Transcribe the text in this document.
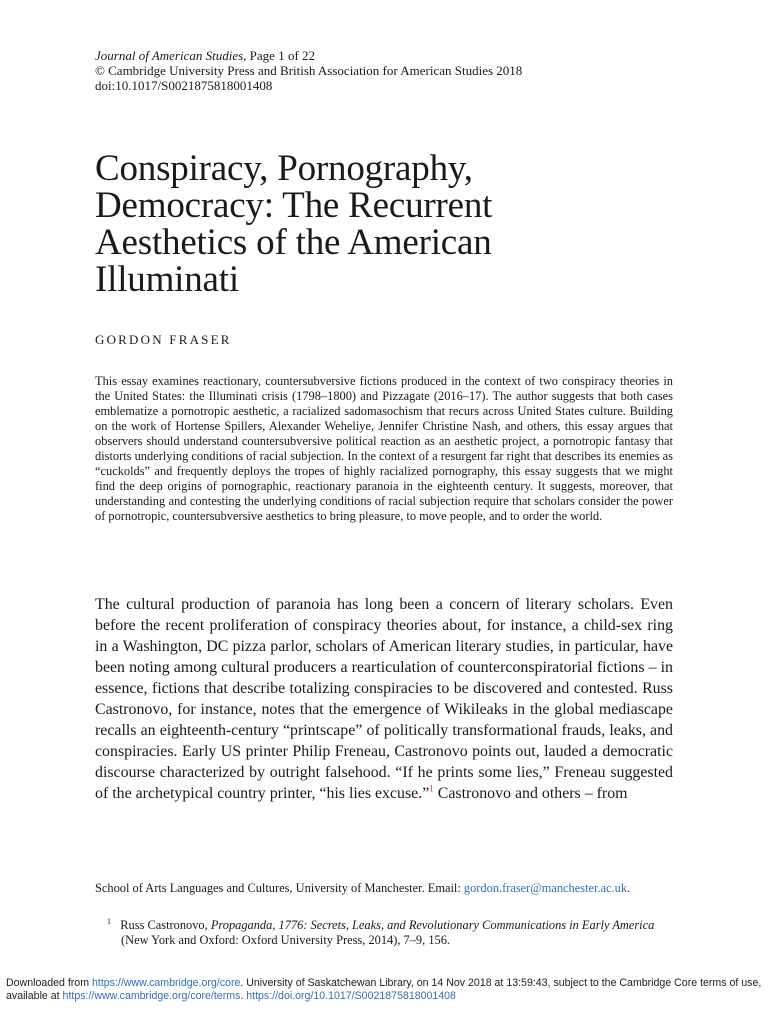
Journal of American Studies, Page 1 of 22
© Cambridge University Press and British Association for American Studies 2018
doi:10.1017/S0021875818001408
Conspiracy, Pornography,
Democracy: The Recurrent
Aesthetics of the American
Illuminati
GORDON FRASER

This essay examines reactionary, countersubversive fictions produced in the context of two conspiracy theories in the United States: the Illuminati crisis (1798–1800) and Pizzagate (2016–17). The author suggests that both cases emblematize a pornotropic aesthetic, a racialized sadomasochism that recurs across United States culture. Building on the work of Hortense Spillers, Alexander Weheliye, Jennifer Christine Nash, and others, this essay argues that observers should understand countersubversive political reaction as an aesthetic project, a pornotropic fantasy that distorts underlying conditions of racial subjection. In the context of a resurgent far right that describes its enemies as “cuckolds” and frequently deploys the tropes of highly racialized pornography, this essay suggests that we might find the deep origins of pornographic, reactionary paranoia in the eighteenth century. It suggests, moreover, that understanding and contesting the underlying conditions of racial subjection require that scholars consider the power of pornotropic, countersubversive aesthetics to bring pleasure, to move people, and to order the world.

The cultural production of paranoia has long been a concern of literary scholars. Even before the recent proliferation of conspiracy theories about, for instance, a child-sex ring in a Washington, DC pizza parlor, scholars of American literary studies, in particular, have been noting among cultural producers a rearticulation of counterconspiratorial fictions – in essence, fictions that describe totalizing conspiracies to be discovered and contested. Russ Castronovo, for instance, notes that the emergence of Wikileaks in the global mediascape recalls an eighteenth-century “printscape” of politically transformational frauds, leaks, and conspiracies. Early US printer Philip Freneau, Castronovo points out, lauded a democratic discourse characterized by outright falsehood. “If he prints some lies,” Freneau suggested of the archetypical country printer, “his lies excuse.”$^1$ Castronovo and others – from

School of Arts Languages and Cultures, University of Manchester. Email: gordon.fraser@manchester.ac.uk.

$^1$ Russ Castronovo, Propaganda, 1776: Secrets, Leaks, and Revolutionary Communications in Early America (New York and Oxford: Oxford University Press, 2014), 7–9, 156.

Downloaded from https://www.cambridge.org/core. University of Saskatchewan Library, on 14 Nov 2018 at 13:59:43, subject to the Cambridge Core terms of use, available at https://www.cambridge.org/core/terms. https://doi.org/10.1017/S0021875818001408
